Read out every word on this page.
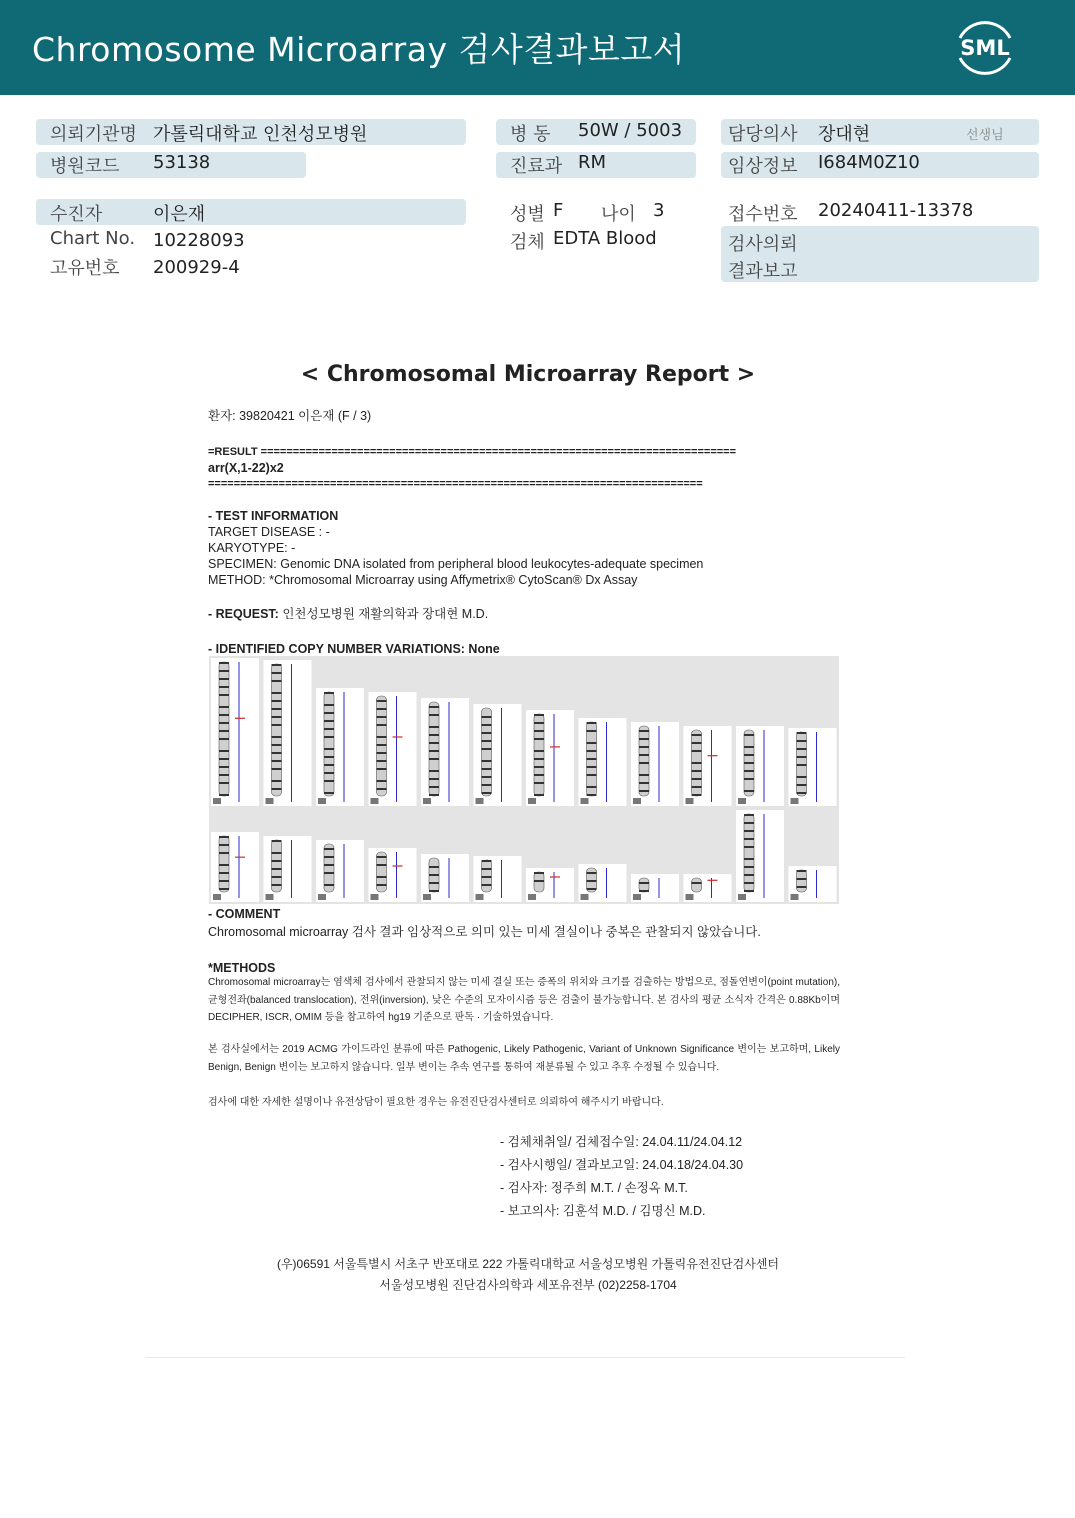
Chromosome Microarray 검사결과보고서	SML
의뢰기관명 가톨릭대학교 인천성모병원	병 동 50W / 5003	담당의사 장대현	선생님
병원코드 53138	진료과 RM	임상정보 I684M0Z10
수진자	이은재	성별 F 나이 3	접수번호 20240411-13378
Chart No. 10228093	검체 EDTA Blood	검사의뢰
결과보고
고유번호 200929-4
< Chromosomal Microarray Report >
환자: 39820421 이은재 (F / 3)
=RESULT ==========================================================================
arr(X,1-22)x2
=============================================================================
- TEST INFORMATION
TARGET DISEASE : -
KARYOTYPE: -
SPECIMEN: Genomic DNA isolated from peripheral blood leukocytes-adequate specimen
METHOD: *Chromosomal Microarray using Affymetrix® CytoScan® Dx Assay
- REQUEST: 인천성모병원 재활의학과 장대현 M.D.
- IDENTIFIED COPY NUMBER VARIATIONS: None
- COMMENT
Chromosomal microarray 검사 결과 임상적으로 의미 있는 미세 결실이나 중복은 관찰되지 않았습니다.
*METHODS
Chromosomal microarray는 염색체 검사에서 관찰되지 않는 미세 결실 또는 증폭의 위치와 크기를 검출하는 방법으로, 점돌연변이(point mutation), 균형전좌(balanced translocation), 전위(inversion), 낮은 수준의 모자이시즘 등은 검출이 불가능합니다. 본 검사의 평균 소식자 간격은 0.88Kb이며 DECIPHER, ISCR, OMIM 등을 참고하여 hg19 기준으로 판독 · 기술하였습니다.
본 검사실에서는 2019 ACMG 가이드라인 분류에 따른 Pathogenic, Likely Pathogenic, Variant of Unknown Significance 변이는 보고하며, Likely Benign, Benign 변이는 보고하지 않습니다. 일부 변이는 추속 연구를 통하여 재분류될 수 있고 추후 수정될 수 있습니다.
검사에 대한 자세한 설명이나 유전상담이 필요한 경우는 유전진단검사센터로 의뢰하여 해주시기 바랍니다.
- 검체채취일/ 검체접수일: 24.04.11/24.04.12
- 검사시행일/ 결과보고일: 24.04.18/24.04.30
- 검사자: 정주희 M.T. / 손정옥 M.T.
- 보고의사: 김훈석 M.D. / 김명신 M.D.
(우)06591 서울특별시 서초구 반포대로 222 가톨릭대학교 서울성모병원 가톨릭유전진단검사센터
서울성모병원 진단검사의학과 세포유전부 (02)2258-1704
